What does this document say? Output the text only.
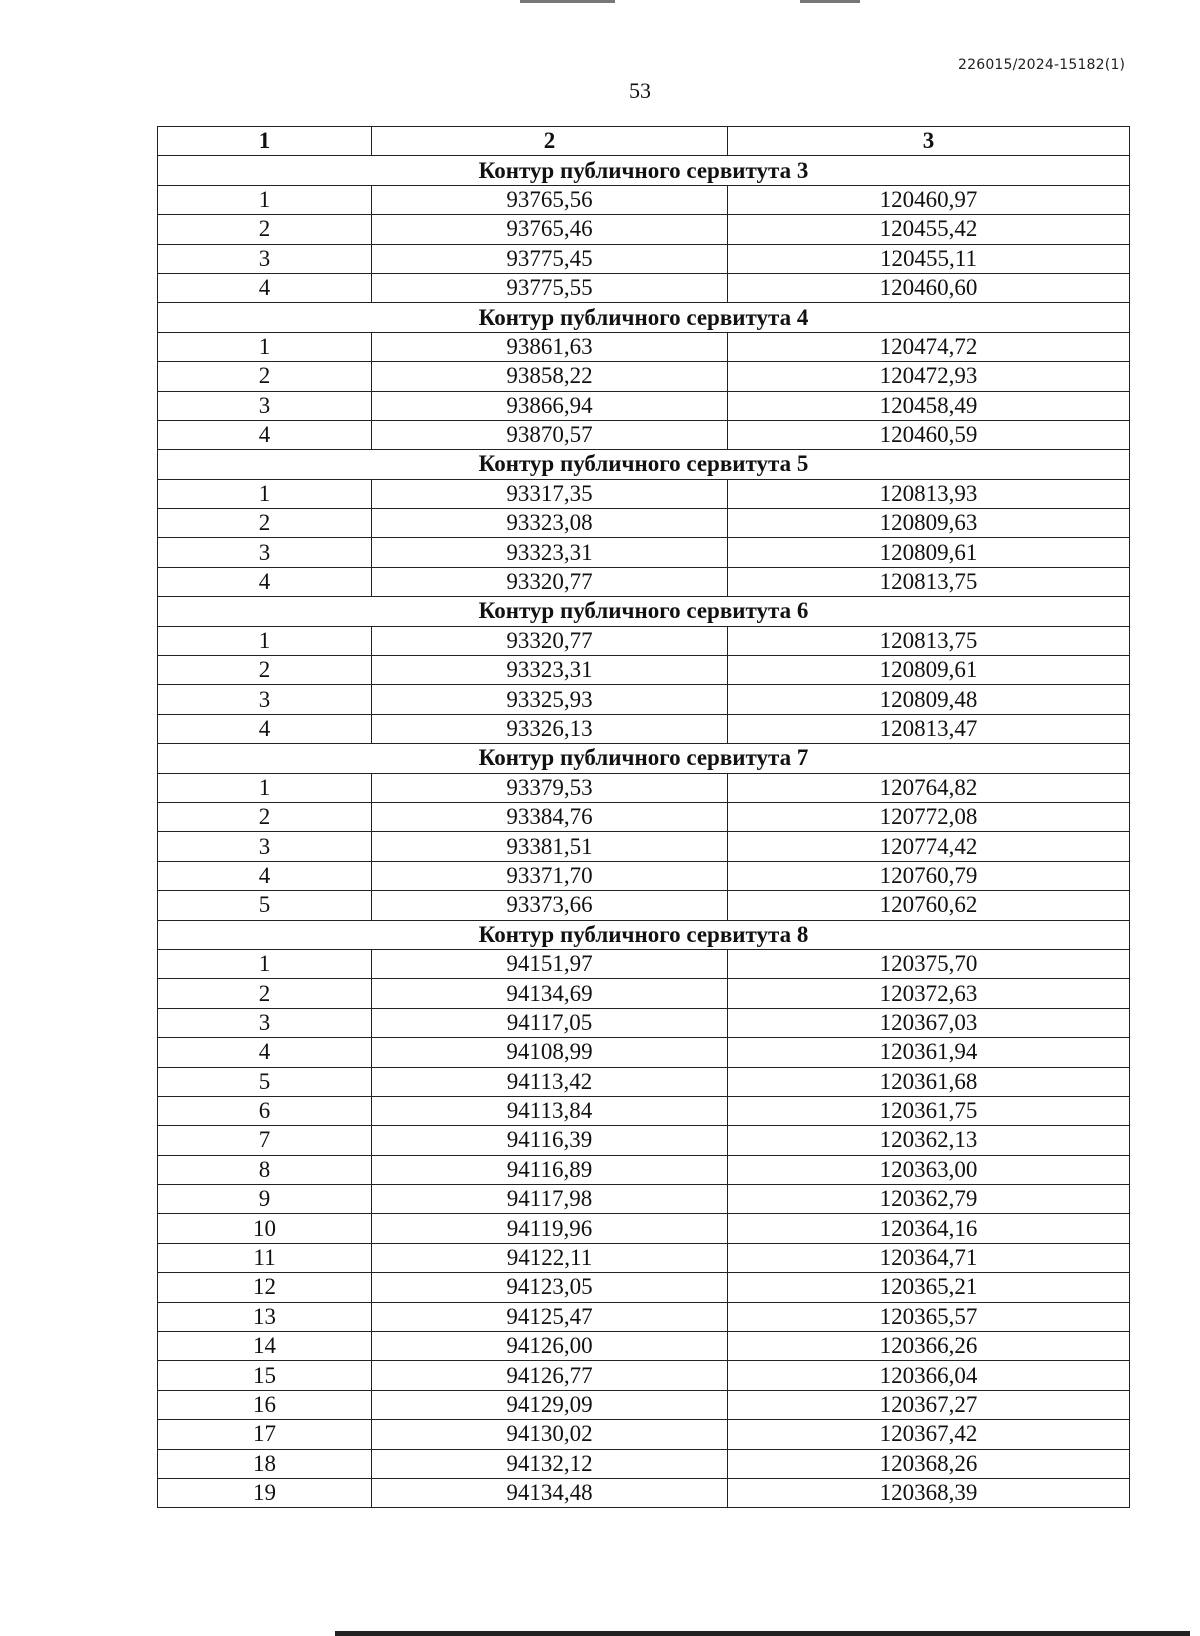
226015/2024-15182(1)
53
1	2	3
Контур публичного сервитута 3		
1	93765,56	120460,97
2	93765,46	120455,42
3	93775,45	120455,11
4	93775,55	120460,60
Контур публичного сервитута 4		
1	93861,63	120474,72
2	93858,22	120472,93
3	93866,94	120458,49
4	93870,57	120460,59
Контур публичного сервитута 5		
1	93317,35	120813,93
2	93323,08	120809,63
3	93323,31	120809,61
4	93320,77	120813,75
Контур публичного сервитута 6		
1	93320,77	120813,75
2	93323,31	120809,61
3	93325,93	120809,48
4	93326,13	120813,47
Контур публичного сервитута 7		
1	93379,53	120764,82
2	93384,76	120772,08
3	93381,51	120774,42
4	93371,70	120760,79
5	93373,66	120760,62
Контур публичного сервитута 8		
1	94151,97	120375,70
2	94134,69	120372,63
3	94117,05	120367,03
4	94108,99	120361,94
5	94113,42	120361,68
6	94113,84	120361,75
7	94116,39	120362,13
8	94116,89	120363,00
9	94117,98	120362,79
10	94119,96	120364,16
11	94122,11	120364,71
12	94123,05	120365,21
13	94125,47	120365,57
14	94126,00	120366,26
15	94126,77	120366,04
16	94129,09	120367,27
17	94130,02	120367,42
18	94132,12	120368,26
19	94134,48	120368,39
